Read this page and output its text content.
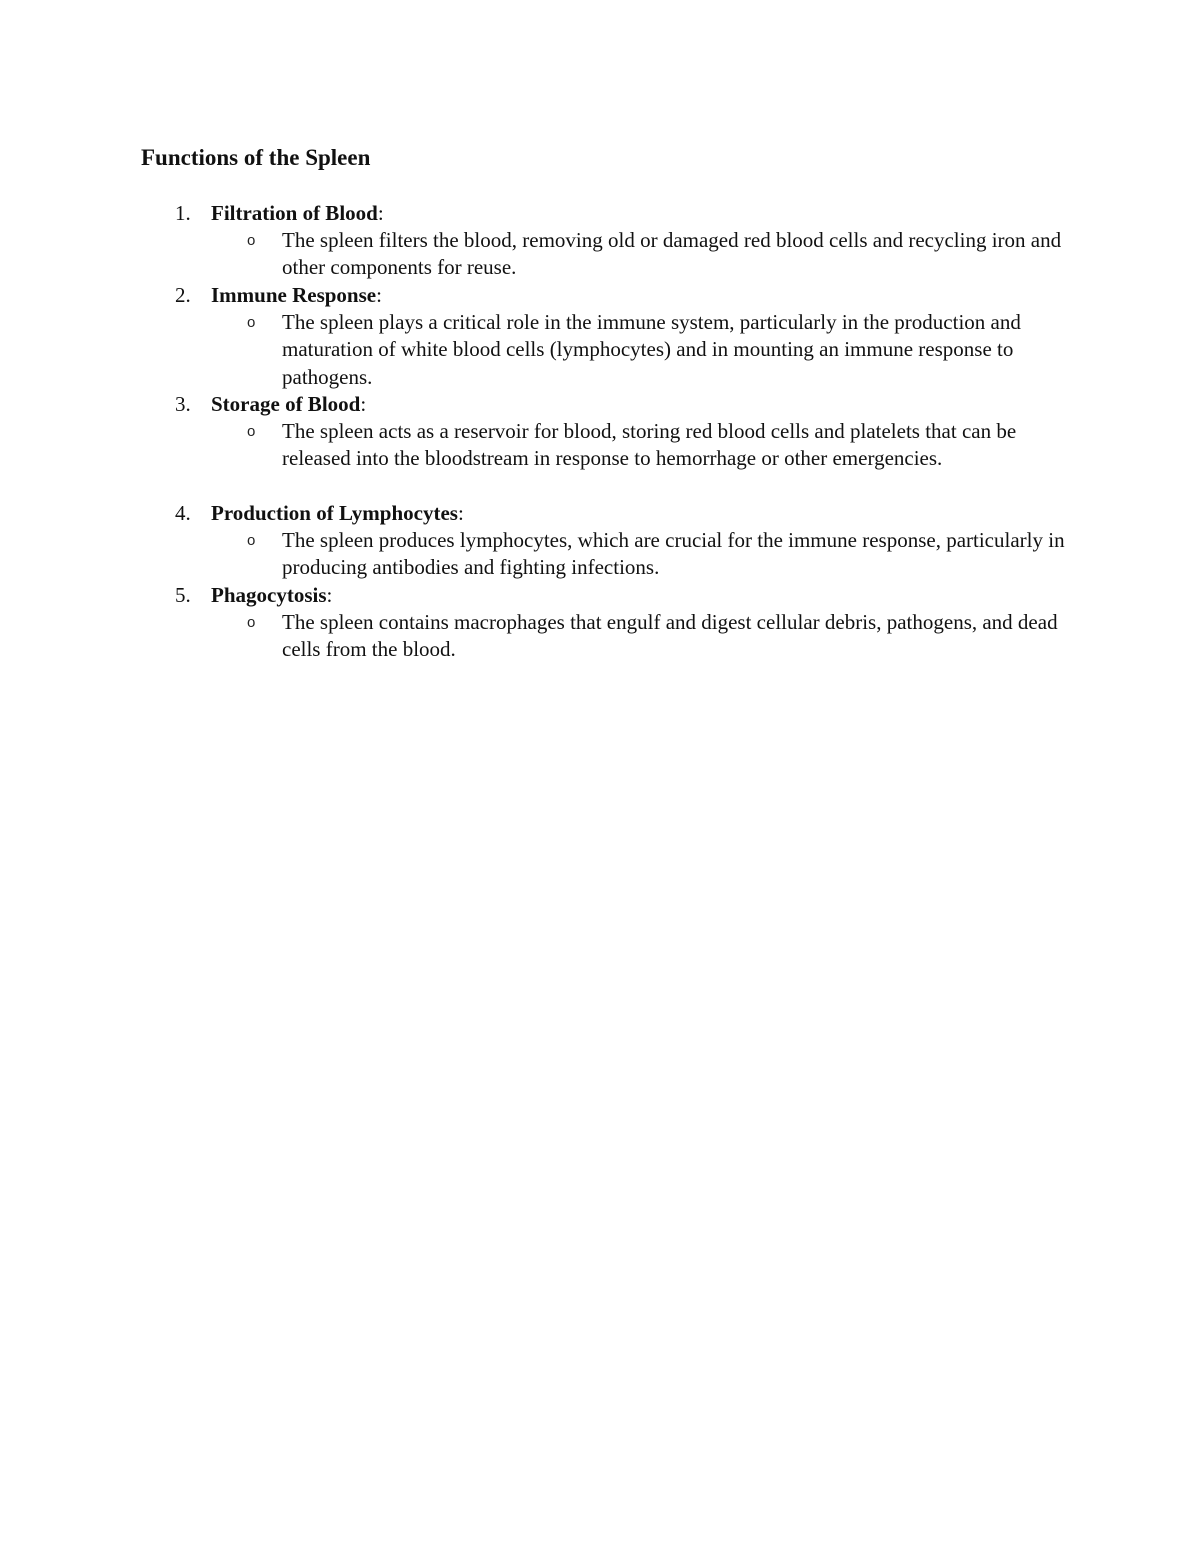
Functions of the Spleen
1. Filtration of Blood:
o	The spleen filters the blood, removing old or damaged red blood cells and recycling iron and other components for reuse.

2. Immune Response:
o	The spleen plays a critical role in the immune system, particularly in the production and maturation of white blood cells (lymphocytes) and in mounting an immune response to pathogens.

3. Storage of Blood:
o	The spleen acts as a reservoir for blood, storing red blood cells and platelets that can be released into the bloodstream in response to hemorrhage or other emergencies.

4. Production of Lymphocytes:
o	The spleen produces lymphocytes, which are crucial for the immune response, particularly in producing antibodies and fighting infections.

5. Phagocytosis:
o	The spleen contains macrophages that engulf and digest cellular debris, pathogens, and dead cells from the blood.
